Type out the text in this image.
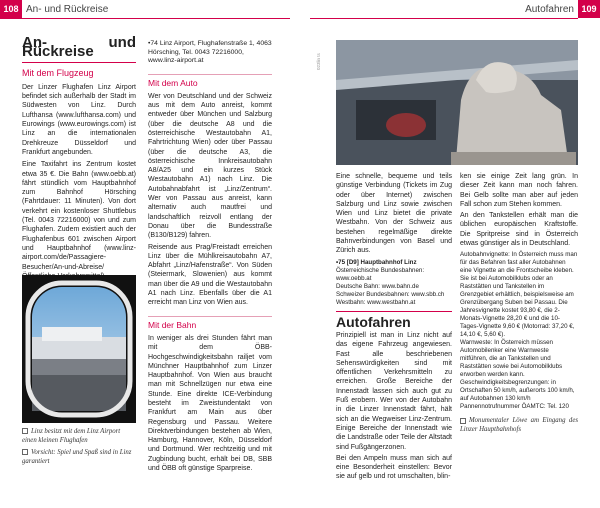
108 An- und Rückreise
An- und Rückreise
Mit dem Flugzeug

Der Linzer Flughafen Linz Airport befindet sich außerhalb der Stadt im Südwesten von Linz. Durch Lufthansa (www.lufthansa.com) und Eurowings (www.eurowings.com) ist Linz an die internationalen Drehkreuze Düsseldorf und Frankfurt angebunden.

Eine Taxifahrt ins Zentrum kostet etwa 35 €. Die Bahn (www.oebb.at) fährt stündlich vom Hauptbahnhof zum Bahnhof Hörsching (Fahrtdauer: 11 Minuten). Von dort verkehrt ein kostenloser Shuttlebus (Tel. 0043 72216000) von und zum Flughafen. Zudem existiert auch der Flughafenbus 601 zwischen Airport und Hauptbahnhof (www.linz-airport.com/de/Passagiere-Besucher/An-und-Abreise/

Linz besitzt mit dem Linz Airport einen kleinen Flughafen
Vorsicht: Spiel und Spaß sind in Linz garantiert

•74 Linz Airport, Flughafenstraße 1, 4063 Hörsching, Tel. 0043 72216000, www.linz-airport.at

Mit dem Auto

Wer von Deutschland und der Schweiz aus mit dem Auto anreist, kommt entweder über München und Salzburg (über die deutsche A8 und die österreichische Westautobahn A1, Fahrtrichtung Wien) oder über Passau (über die deutsche A3, die österreichische Innkreisautobahn A8/A25 und ein kurzes Stück Westautobahn A1) nach Linz. Die Autobahnabfahrt ist „Linz/Zentrum“. Wer von Passau aus anreist, kann alternativ auch mautfrei und landschaftlich reizvoll entlang der Donau über die Bundesstraße (B130/B129) fahren.

Reisende aus Prag/Freistadt erreichen Linz über die Mühlkreisautobahn A7, Abfahrt „Linz/Hafenstraße“. Von Süden (Steiermark, Slowenien) aus kommt man über die A9 und die Westautobahn A1 nach Linz. Ebenfalls über die A1 erreicht man Linz von Wien aus.

Mit der Bahn

In weniger als drei Stunden fährt man mit dem ÖBB-Hochgeschwindigkeitsbahn railjet vom Münchner Hauptbahnhof zum Linzer Hauptbahnhof. Von Wien aus braucht man mit Schnellzügen nur etwa eine Stunde. Eine direkte ICE-Verbindung besteht im Zweistundentakt von Frankfurt am Main aus über Regensburg und Passau. Weitere Direktverbindungen bestehen ab Wien, Hamburg, Hannover, Köln, Düsseldorf und Dortmund. Wer rechtzeitig und mit Zugbindung bucht, erhält bei DB, SBB und ÖBB oft günstige Sparpreise.

Autofahren 109
023lin ts

Eine schnelle, bequeme und teils günstige Verbindung (Tickets im Zug oder über Internet) zwischen Salzburg und Linz sowie zwischen Wien und Linz bietet die private Westbahn. Von der Schweiz aus bestehen regelmäßige direkte Bahnverbindungen von Basel und Zürich aus.

•75 [D9] Hauptbahnhof Linz

Österreichische Bundesbahnen: www.oebb.at

Deutsche Bahn: www.bahn.de

Schweizer Bundesbahnen: www.sbb.ch

Westbahn: www.westbahn.at

Autofahren

Prinzipiell ist man in Linz nicht auf das eigene Fahrzeug angewiesen. Fast alle beschriebenen Sehenswürdigkeiten sind mit öffentlichen Verkehrsmitteln zu erreichen. Große Bereiche der Innenstadt lassen sich auch gut zu Fuß erobern. Wer von der Autobahn in die Linzer Innenstadt fährt, hält sich an die Wegweiser Linz-Zentrum. Einige Bereiche der Innenstadt wie die Landstraße oder Teile der Altstadt sind Fußgängerzonen.

Bei den Ampeln muss man sich auf eine Besonderheit einstellen: Bevor sie auf gelb und rot umschalten, blin-

ken sie einige Zeit lang grün. In dieser Zeit kann man noch fahren. Bei Gelb sollte man aber auf jeden Fall schon zum Stehen kommen.

An den Tankstellen erhält man die üblichen europäischen Kraftstoffe. Die Spritpreise sind in Österreich etwas günstiger als in Deutschland.

Autobahnvignette: In Österreich muss man für das Befahren fast aller Autobahnen eine Vignette an die Frontscheibe kleben. Sie ist bei Automobilklubs oder an Raststätten und Tankstellen im Grenzgebiet erhältlich, beispielsweise am Grenzübergang Suben bei Passau. Die Jahresvignette kostet 93,80 €, die 2-Monats-Vignette 28,20 € und die 10-Tages-Vignette 9,60 € (Motorrad: 37,20 €, 14,10 €, 5,60 €).

Warnweste: In Österreich müssen Automobilenker eine Warnweste mitführen, die an Tankstellen und Raststätten sowie bei Automobilklubs erworben werden kann.

Geschwindigkeitsbegrenzungen: in Ortschaften 50 km/h, außerorts 100 km/h, auf Autobahnen 130 km/h

Pannennotrufnummer ÖAMTC: Tel. 120

Monumentaler Löwe am Eingang des Linzer Hauptbahnhofs
